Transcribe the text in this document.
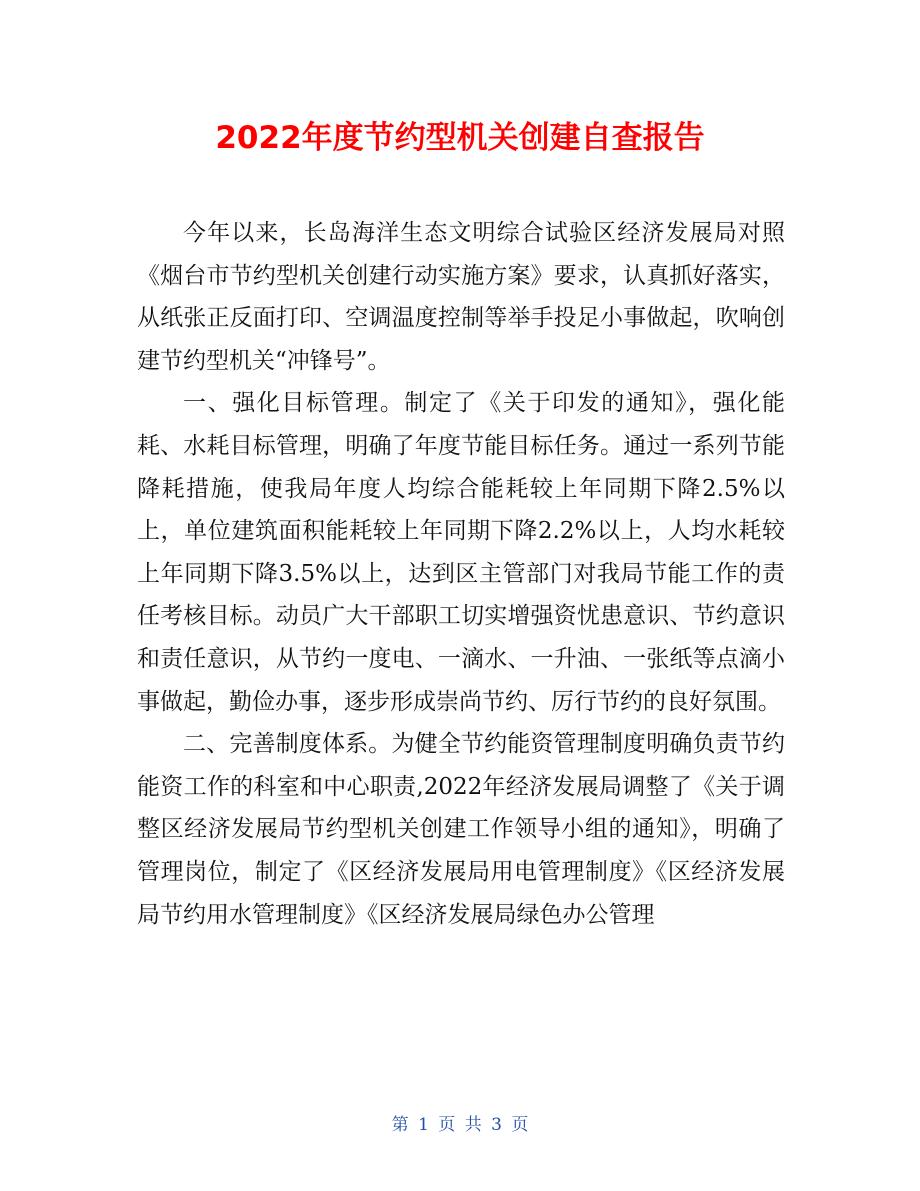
2022年度节约型机关创建自查报告

今年以来，长岛海洋生态文明综合试验区经济发展局对照《烟台市节约型机关创建行动实施方案》要求，认真抓好落实，从纸张正反面打印、空调温度控制等举手投足小事做起，吹响创建节约型机关“冲锋号”。

一、强化目标管理。制定了《关于印发的通知》，强化能耗、水耗目标管理，明确了年度节能目标任务。通过一系列节能降耗措施，使我局年度人均综合能耗较上年同期下降2.5%以上，单位建筑面积能耗较上年同期下降2.2%以上，人均水耗较上年同期下降3.5%以上，达到区主管部门对我局节能工作的责任考核目标。动员广大干部职工切实增强资忧患意识、节约意识和责任意识，从节约一度电、一滴水、一升油、一张纸等点滴小事做起，勤俭办事，逐步形成崇尚节约、厉行节约的良好氛围。

二、完善制度体系。为健全节约能资管理制度明确负责节约能资工作的科室和中心职责,2022年经济发展局调整了《关于调整区经济发展局节约型机关创建工作领导小组的通知》，明确了管理岗位，制定了《区经济发展局用电管理制度》《区经济发展局节约用水管理制度》《区经济发展局绿色办公管理

第 1 页 共 3 页
